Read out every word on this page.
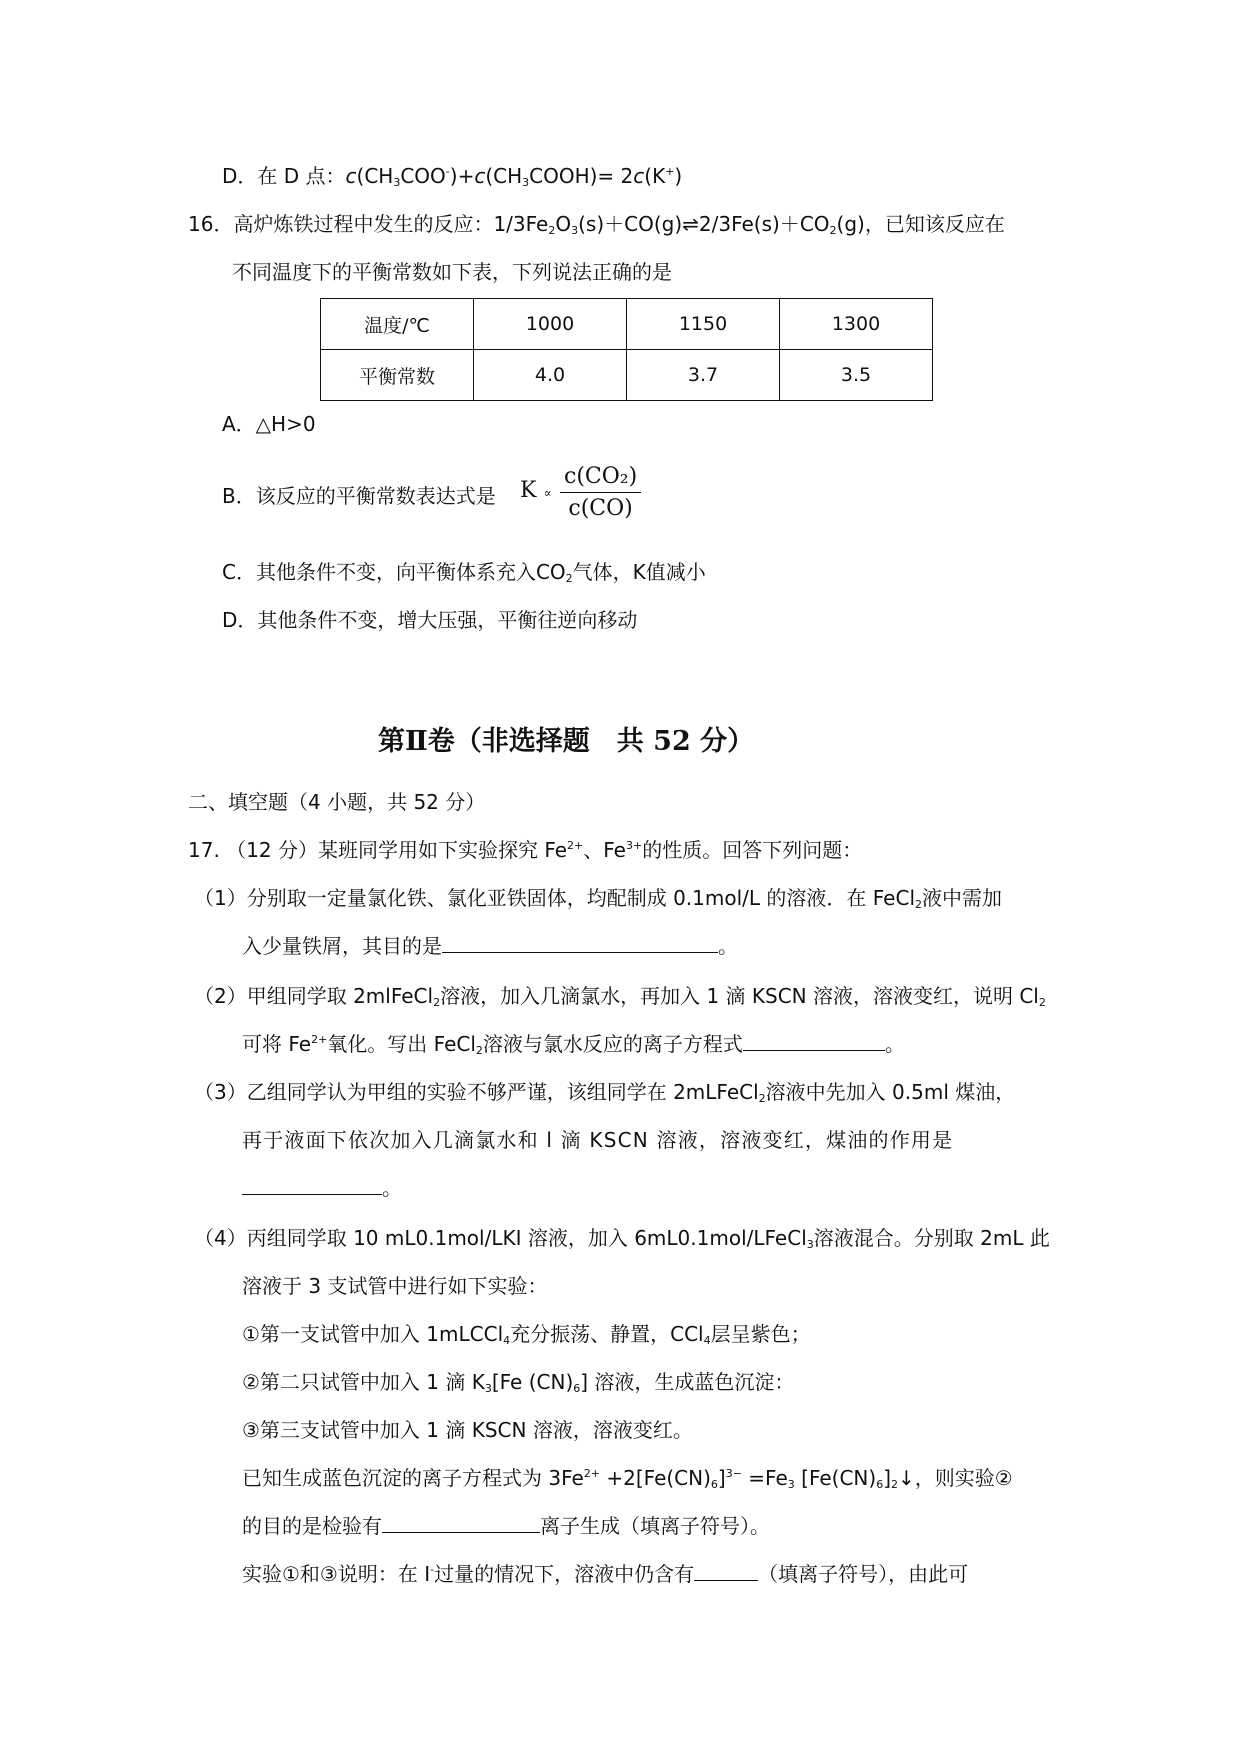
D．在 D 点：$c(CH_3COO^-)+c(CH_3COOH)= 2c(K^+)$
16．高炉炼铁过程中发生的反应：$1/3Fe_2O_3(s)+CO(g)\rightleftharpoons 2/3Fe(s)+CO_2(g)$，已知该反应在
不同温度下的平衡常数如下表，下列说法正确的是
温度/℃	1000	1150	1300
平衡常数	4.0	3.7	3.5
A．△H>0
B．该反应的平衡常数表达式是 $K \propto \frac{\text{c(CO₂)}}{c(CO)}$
C．其他条件不变，向平衡体系充入$CO_2$气体，K值减小
D．其他条件不变，增大压强，平衡往逆向移动
第Ⅱ卷（非选择题　共 52 分）
二、填空题（4 小题，共 52 分）
17. （12 分）某班同学用如下实验探究 $Fe^{2+}$、$Fe^{3+}$的性质。回答下列问题：
（1）分别取一定量氯化铁、氯化亚铁固体，均配制成 0.1mol/L 的溶液．在 FeCl$_2$液中需加
入少量铁屑，其目的是	。
（2）甲组同学取 2mlFeCl$_2$溶液，加入几滴氯水，再加入 1 滴 KSCN 溶液，溶液变红，说明 $Cl_2$
可将 $Fe^{2+}$氧化。写出 FeCl$_2$溶液与氯水反应的离子方程式	。
（3）乙组同学认为甲组的实验不够严谨，该组同学在 2mLFeCl$_2$溶液中先加入 0.5ml 煤油，
再于液面下依次加入几滴氯水和 l 滴 KSCN 溶液，溶液变红，煤油的作用是
。
（4）丙组同学取 10 mL0.1mol/LKI 溶液，加入 6mL0.1mol/LFeCl$_3$溶液混合。分别取 2mL 此
溶液于 3 支试管中进行如下实验：
①第一支试管中加入 1mLCCl$_4$充分振荡、静置，CCl$_4$层呈紫色；
②第二只试管中加入 1 滴 $K_3[Fe$ $(CN)_6$] 溶液，生成蓝色沉淀：
③第三支试管中加入 1 滴 KSCN 溶液，溶液变红。
已知生成蓝色沉淀的离子方程式为 $3Fe^{2+} +2[Fe(CN)_6]^{3-} =Fe_3$ $[Fe(CN)_6]_2↓$，则实验②
的目的是检验有	离子生成（填离子符号）。
实验①和③说明：在 I-过量的情况下，溶液中仍含有	（填离子符号），由此可
